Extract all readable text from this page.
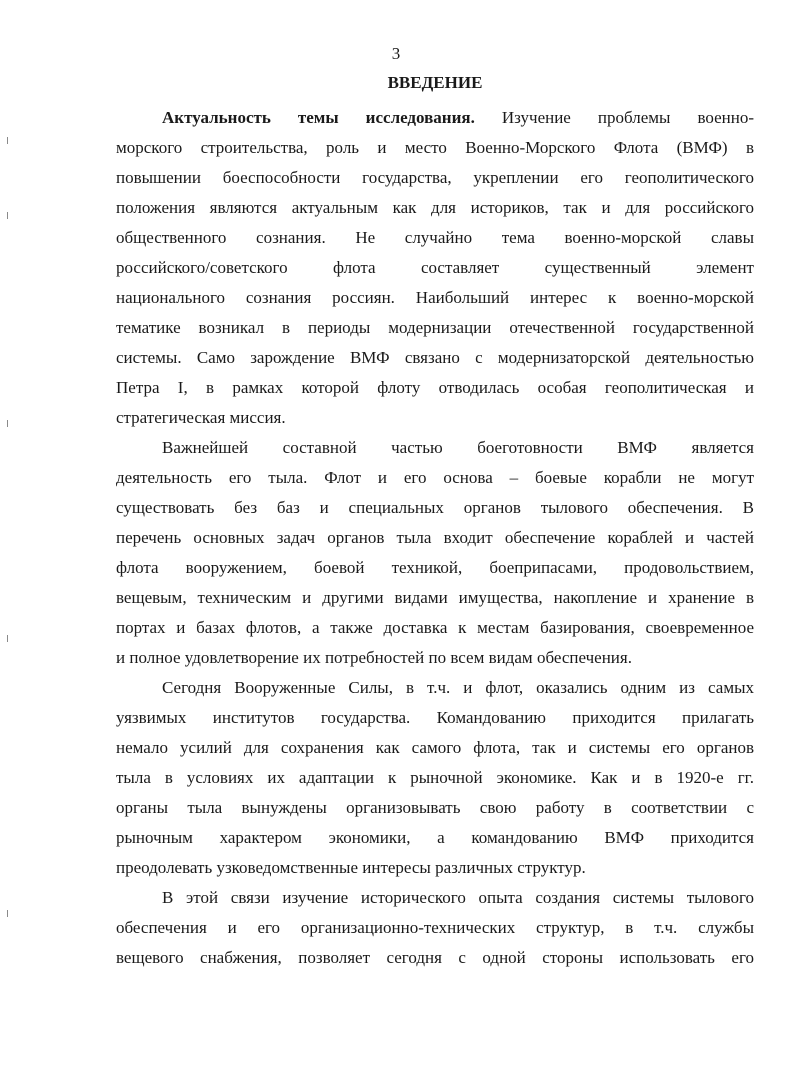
3
ВВЕДЕНИЕ
Актуальность темы исследования. Изучение проблемы военно-
морского строительства, роль и место Военно-Морского Флота (ВМФ) в
повышении боеспособности государства, укреплении его геополитического
положения являются актуальным как для историков, так и для российского
общественного сознания. Не случайно тема военно-морской славы
российского/советского флота составляет существенный элемент
национального сознания россиян. Наибольший интерес к военно-морской
тематике возникал в периоды модернизации отечественной государственной
системы. Само зарождение ВМФ связано с модернизаторской деятельностью
Петра I, в рамках которой флоту отводилась особая геополитическая и
стратегическая миссия.
Важнейшей составной частью боеготовности ВМФ является
деятельность его тыла. Флот и его основа – боевые корабли не могут
существовать без баз и специальных органов тылового обеспечения. В
перечень основных задач органов тыла входит обеспечение кораблей и частей
флота вооружением, боевой техникой, боеприпасами, продовольствием,
вещевым, техническим и другими видами имущества, накопление и хранение в
портах и базах флотов, а также доставка к местам базирования, своевременное
и полное удовлетворение их потребностей по всем видам обеспечения.
Сегодня Вооруженные Силы, в т.ч. и флот, оказались одним из самых
уязвимых институтов государства. Командованию приходится прилагать
немало усилий для сохранения как самого флота, так и системы его органов
тыла в условиях их адаптации к рыночной экономике. Как и в 1920-е гг.
органы тыла вынуждены организовывать свою работу в соответствии с
рыночным характером экономики, а командованию ВМФ приходится
преодолевать узковедомственные интересы различных структур.
В этой связи изучение исторического опыта создания системы тылового
обеспечения и его организационно-технических структур, в т.ч. службы
вещевого снабжения, позволяет сегодня с одной стороны использовать его
